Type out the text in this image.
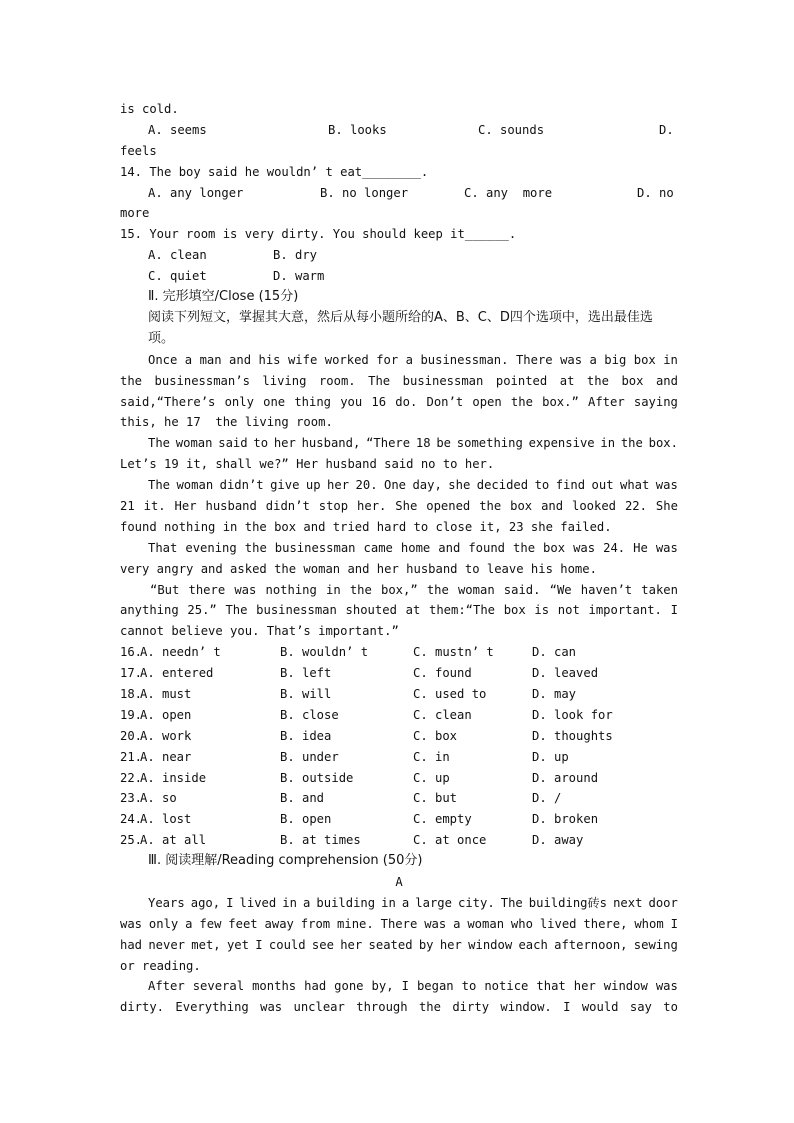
is cold.

A. seems

	B. looks

	C. sounds

	D.

feels
14. The boy said he wouldn’ t eat________.

A. any longer

	B. no longer

	C. any  more

	D. no

more
15. Your room is very dirty. You should keep it______.

A. clean

	B. dry

C. quiet

	D. warm

Ⅱ. 完形填空/Close (15分)
阅读下列短文，掌握其大意，然后从每小题所给的A、B、C、D四个选项中，选出最佳选项。
Once a man and his wife worked for a businessman. There was a big box in
the businessman’s living room. The businessman pointed at the box and
said,“There’s only one thing you 16 do. Don’t open the box.” After saying
this, he 17  the living room.
The woman said to her husband, “There 18 be something expensive in the box.
Let’s 19 it, shall we?” Her husband said no to her.
The woman didn’t give up her 20. One day, she decided to find out what was
21 it. Her husband didn’t stop her. She opened the box and looked 22. She
found nothing in the box and tried hard to close it, 23 she failed.
That evening the businessman came home and found the box was 24. He was
very angry and asked the woman and her husband to leave his home.
“But there was nothing in the box,” the woman said. “We haven’t taken
anything 25.” The businessman shouted at them:“The box is not important. I
cannot believe you. That’s important.”

16.

A. needn’ t

	B. wouldn’ t

	C. mustn’ t

	D. can

17.

A. entered

	B. left

	C. found

	D. leaved

18.

A. must

	B. will

	C. used to

	D. may

19.

A. open

	B. close

	C. clean

	D. look for

20.

A. work

	B. idea

	C. box

	D. thoughts

21.

A. near

	B. under

	C. in

	D. up

22.

A. inside

	B. outside

	C. up

	D. around

23.

A. so

	B. and

	C. but

	D. /

24.

A. lost

	B. open

	C. empty

	D. broken

25.

A. at all

	B. at times

	C. at once

	D. away

Ⅲ. 阅读理解/Reading comprehension (50分)
A
Years ago, I lived in a building in a large city. The building砖s next door
was only a few feet away from mine. There was a woman who lived there, whom I
had never met, yet I could see her seated by her window each afternoon, sewing
or reading.
After several months had gone by, I began to notice that her window was
dirty. Everything was unclear through the dirty window. I would say to
